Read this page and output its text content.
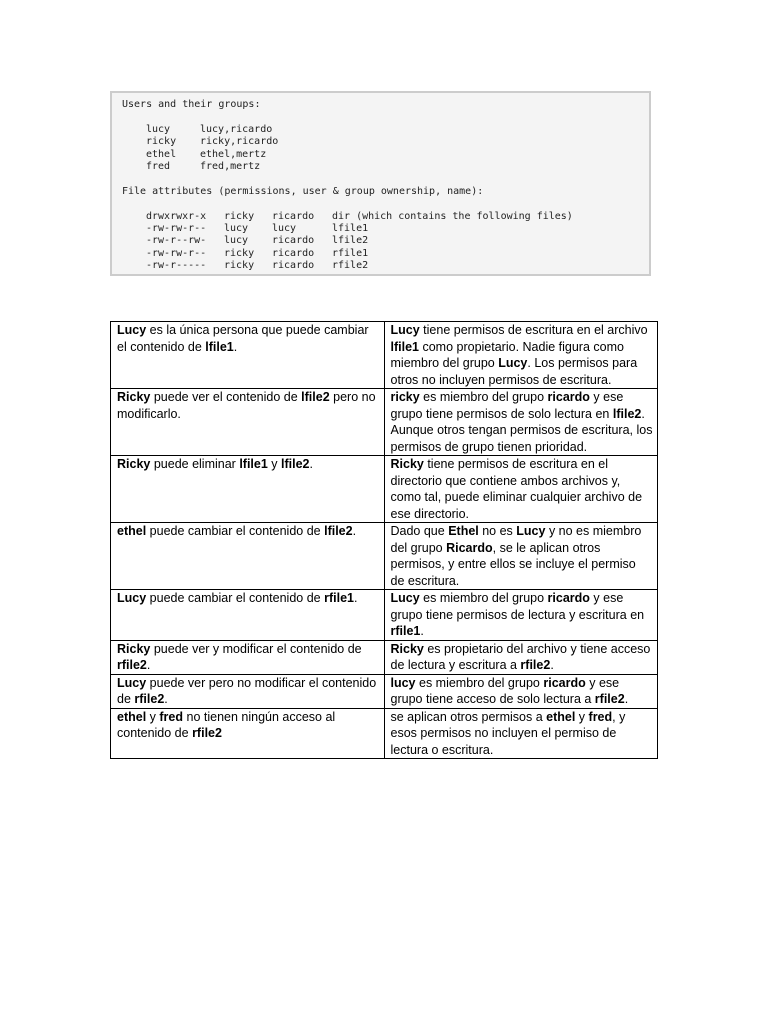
Users and their groups:
lucy	lucy,ricardo
ricky ricky,ricardo
ethel ethel,mertz
fred	fred,mertz
File attributes (permissions, user & group ownership, name):
drwxrwxr-x ricky ricardo dir (which contains the following files)
-rw-rw-r-- lucy lucy	lfile1
-rw-r--rw- lucy ricardo lfile2
-rw-rw-r-- ricky ricardo rfile1
-rw-r----- ricky ricardo rfile2
Lucy es la única persona que puede cambiar el contenido de lfile1.	Lucy tiene permisos de escritura en el archivo lfile1 como propietario. Nadie figura como miembro del grupo Lucy. Los permisos para otros no incluyen permisos de escritura.
Ricky puede ver el contenido de lfile2 pero no modificarlo.	ricky es miembro del grupo ricardo y ese grupo tiene permisos de solo lectura en lfile2. Aunque otros tengan permisos de escritura, los permisos de grupo tienen prioridad.
Ricky puede eliminar lfile1 y lfile2.	Ricky tiene permisos de escritura en el directorio que contiene ambos archivos y, como tal, puede eliminar cualquier archivo de ese directorio.
ethel puede cambiar el contenido de lfile2.	Dado que Ethel no es Lucy y no es miembro del grupo Ricardo, se le aplican otros permisos, y entre ellos se incluye el permiso de escritura.
Lucy puede cambiar el contenido de rfile1.	Lucy es miembro del grupo ricardo y ese grupo tiene permisos de lectura y escritura en rfile1.
Ricky puede ver y modificar el contenido de rfile2.	Ricky es propietario del archivo y tiene acceso de lectura y escritura a rfile2.
Lucy puede ver pero no modificar el contenido de rfile2.	lucy es miembro del grupo ricardo y ese grupo tiene acceso de solo lectura a rfile2.
ethel y fred no tienen ningún acceso al contenido de rfile2	se aplican otros permisos a ethel y fred, y esos permisos no incluyen el permiso de lectura o escritura.
